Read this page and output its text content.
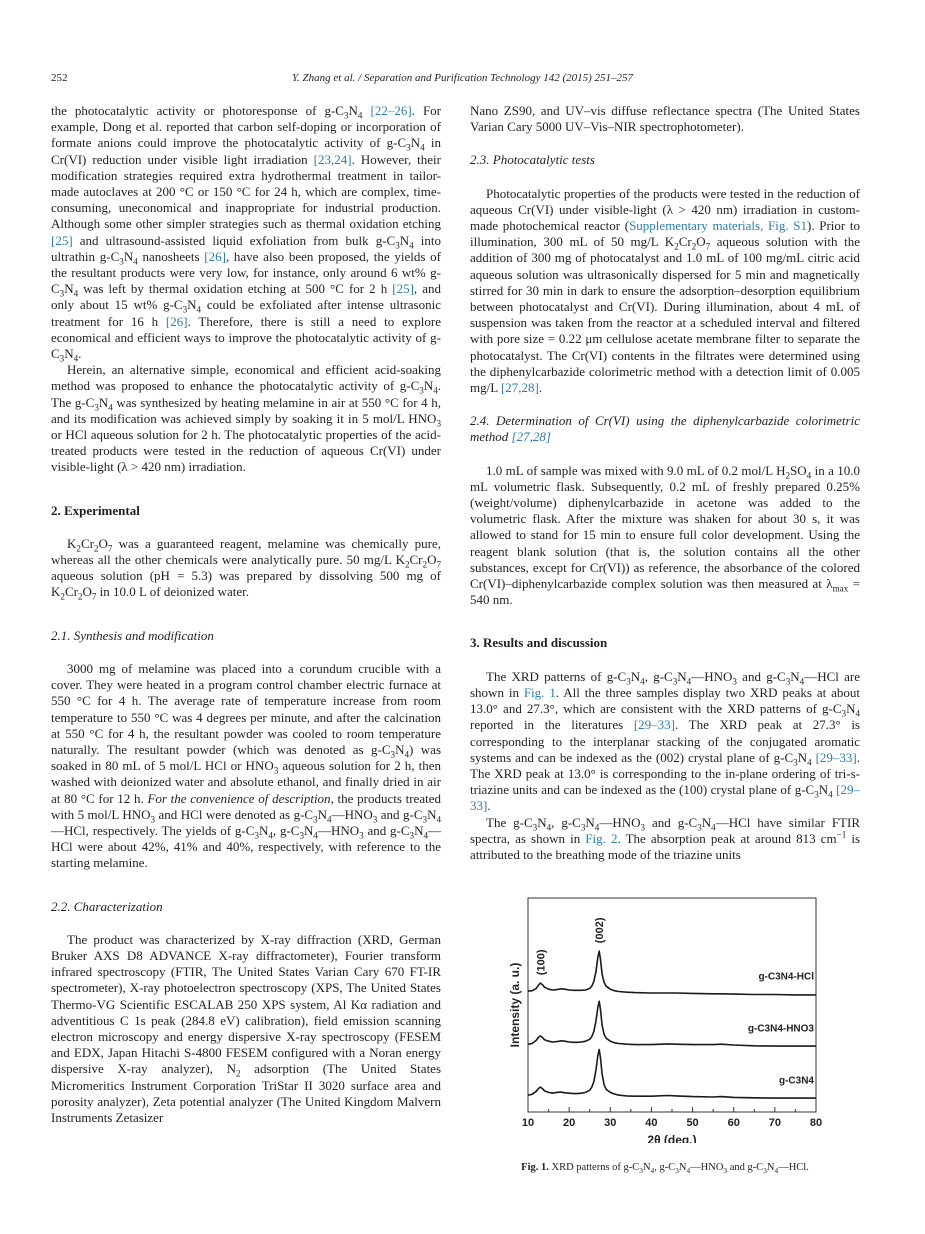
252	Y. Zhang et al. / Separation and Purification Technology 142 (2015) 251–257

the photocatalytic activity or photoresponse of $g-C_3N_4$ [22–26]. For example, Dong et al. reported that carbon self-doping or incorporation of formate anions could improve the photocatalytic activity of $g-C_3N_4$ in Cr(VI) reduction under visible light irradiation [23,24]. However, their modification strategies required extra hydrothermal treatment in tailor-made autoclaves at 200 °C or 150 °C for 24 h, which are complex, time-consuming, uneconomical and inappropriate for industrial production. Although some other simpler strategies such as thermal oxidation etching [25] and ultrasound-assisted liquid exfoliation from bulk $g-C_3N_4$ into ultrathin $g-C_3N_4$ nanosheets [26], have also been proposed, the yields of the resultant products were very low, for instance, only around 6 wt% $g-C_3N_4$ was left by thermal oxidation etching at 500 °C for 2 h [25], and only about 15 wt% $g-C_3N_4$ could be exfoliated after intense ultrasonic treatment for 16 h [26]. Therefore, there is still a need to explore economical and efficient ways to improve the photocatalytic activity of $g-C_3N_4$.

Herein, an alternative simple, economical and efficient acid-soaking method was proposed to enhance the photocatalytic activity of $g-C_3N_4$. The $g-C_3N_4$ was synthesized by heating melamine in air at 550 °C for 4 h, and its modification was achieved simply by soaking it in 5 mol/L $HNO_3$ or HCl aqueous solution for 2 h. The photocatalytic properties of the acid-treated products were tested in the reduction of aqueous Cr(VI) under visible-light (λ > 420 nm) irradiation.

2. Experimental

$K_2Cr_2O_7$ was a guaranteed reagent, melamine was chemically pure, whereas all the other chemicals were analytically pure. 50 mg/L $K_2Cr_2O_7$ aqueous solution (pH = 5.3) was prepared by dissolving 500 mg of $K_2Cr_2O_7$ in 10.0 L of deionized water.

2.1. Synthesis and modification

3000 mg of melamine was placed into a corundum crucible with a cover. They were heated in a program control chamber electric furnace at 550 °C for 4 h. The average rate of temperature increase from room temperature to 550 °C was 4 degrees per minute, and after the calcination at 550 °C for 4 h, the resultant powder was cooled to room temperature naturally. The resultant powder (which was denoted as $g-C_3N_4$) was soaked in 80 mL of 5 mol/L HCl or $HNO_3$ aqueous solution for 2 h, then washed with deionized water and absolute ethanol, and finally dried in air at 80 °C for 12 h. For the convenience of description, the products treated with 5 mol/L $HNO_3$ and HCl were denoted as $g-C_3N_4—HNO_3$ and $g-C_3N_4—HCl$, respectively. The yields of $g-C_3N_4$, $g-C_3N_4—HNO_3$ and $g-C_3N_4—HCl$ were about 42%, 41% and 40%, respectively, with reference to the starting melamine.

2.2. Characterization

The product was characterized by X-ray diffraction (XRD, German Bruker AXS D8 ADVANCE X-ray diffractometer), Fourier transform infrared spectroscopy (FTIR, The United States Varian Cary 670 FT-IR spectrometer), X-ray photoelectron spectroscopy (XPS, The United States Thermo-VG Scientific ESCALAB 250 XPS system, Al Kα radiation and adventitious C 1s peak (284.8 eV) calibration), field emission scanning electron microscopy and energy dispersive X-ray spectroscopy (FESEM and EDX, Japan Hitachi S-4800 FESEM configured with a Noran energy dispersive X-ray analyzer), $N_2$ adsorption (The United States Micromeritics Instrument Corporation TriStar II 3020 surface area and porosity analyzer), Zeta potential analyzer (The United Kingdom Malvern Instruments Zetasizer

Nano ZS90, and UV–vis diffuse reflectance spectra (The United States Varian Cary 5000 UV–Vis–NIR spectrophotometer).

2.3. Photocatalytic tests

Photocatalytic properties of the products were tested in the reduction of aqueous Cr(VI) under visible-light (λ > 420 nm) irradiation in custom-made photochemical reactor (Supplementary materials, Fig. S1). Prior to illumination, 300 mL of 50 mg/L $K_2Cr_2O_7$ aqueous solution with the addition of 300 mg of photocatalyst and 1.0 mL of 100 mg/mL citric acid aqueous solution was ultrasonically dispersed for 5 min and magnetically stirred for 30 min in dark to ensure the adsorption–desorption equilibrium between photocatalyst and Cr(VI). During illumination, about 4 mL of suspension was taken from the reactor at a scheduled interval and filtered with pore size = 0.22 μm cellulose acetate membrane filter to separate the photocatalyst. The Cr(VI) contents in the filtrates were determined using the diphenylcarbazide colorimetric method with a detection limit of 0.005 mg/L [27,28].

2.4. Determination of Cr(VI) using the diphenylcarbazide colorimetric method [27,28]

1.0 mL of sample was mixed with 9.0 mL of 0.2 mol/L $H_2SO_4$ in a 10.0 mL volumetric flask. Subsequently, 0.2 mL of freshly prepared 0.25% (weight/volume) diphenylcarbazide in acetone was added to the volumetric flask. After the mixture was shaken for about 30 s, it was allowed to stand for 15 min to ensure full color development. Using the reagent blank solution (that is, the solution contains all the other substances, except for Cr(VI)) as reference, the absorbance of the colored Cr(VI)–diphenylcarbazide complex solution was then measured at $\lambda_{max} = 540$ nm.

3. Results and discussion

The XRD patterns of $g-C_3N_4$, $g-C_3N_4—HNO_3$ and $g-C_3N_4—HCl$ are shown in Fig. 1. All the three samples display two XRD peaks at about 13.0° and 27.3°, which are consistent with the XRD patterns of $g-C_3N_4$ reported in the literatures [29–33]. The XRD peak at 27.3° is corresponding to the interplanar stacking of the conjugated aromatic systems and can be indexed as the (002) crystal plane of $g-C_3N_4$ [29–33]. The XRD peak at 13.0° is corresponding to the in-plane ordering of tri-s-triazine units and can be indexed as the (100) crystal plane of $g-C_3N_4$ [29–33].

The $g-C_3N_4$, $g-C_3N_4—HNO_3$ and $g-C_3N_4—HCl$ have similar FTIR spectra, as shown in Fig. 2. The absorption peak at around 813 $cm^{-1}$ is attributed to the breathing mode of the triazine units

10	20	30	40	50	60	70	80
g-C3N4-HCl
g-C3N4-HNO3
g-C3N4
(100)
(002)
Intensity (a. u.)
2θ (deg.)
Fig. 1. XRD patterns of $g-C_3N_4$, $g-C_3N_4—HNO_3$ and $g-C_3N_4—HCl$.
